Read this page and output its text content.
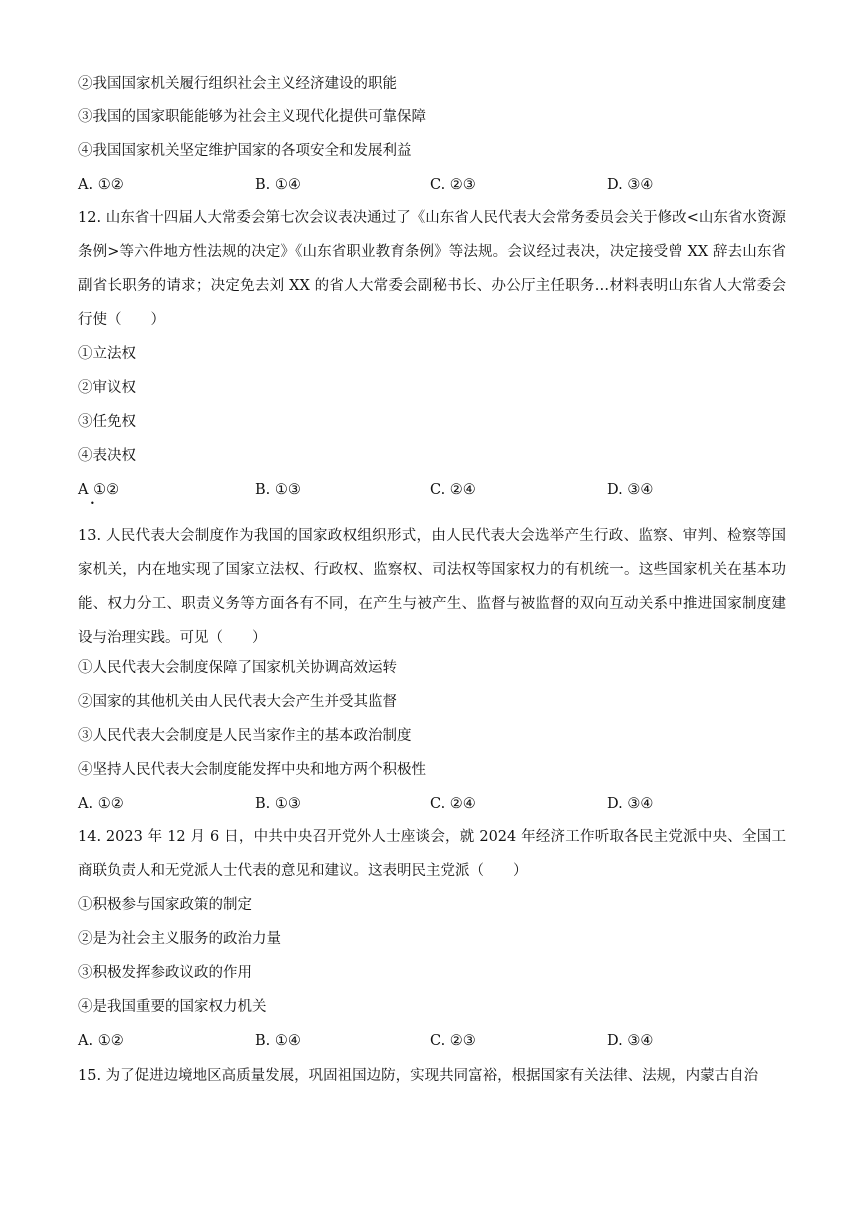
②我国国家机关履行组织社会主义经济建设的职能
③我国的国家职能能够为社会主义现代化提供可靠保障
④我国国家机关坚定维护国家的各项安全和发展利益
A. ①②	B. ①④	C. ②③	D. ③④
12. 山东省十四届人大常委会第七次会议表决通过了《山东省人民代表大会常务委员会关于修改<山东省水资源条例>等六件地方性法规的决定》《山东省职业教育条例》等法规。会议经过表决，决定接受曾 XX 辞去山东省副省长职务的请求；决定免去刘 XX 的省人大常委会副秘书长、办公厅主任职务…材料表明山东省人大常委会行使（　　）
①立法权
②审议权
③任免权
④表决权
A ①②
•
B. ①③	C. ②④	D. ③④
13. 人民代表大会制度作为我国的国家政权组织形式，由人民代表大会选举产生行政、监察、审判、检察等国家机关，内在地实现了国家立法权、行政权、监察权、司法权等国家权力的有机统一。这些国家机关在基本功能、权力分工、职责义务等方面各有不同，在产生与被产生、监督与被监督的双向互动关系中推进国家制度建设与治理实践。可见（　　）
①人民代表大会制度保障了国家机关协调高效运转
②国家的其他机关由人民代表大会产生并受其监督
③人民代表大会制度是人民当家作主的基本政治制度
④坚持人民代表大会制度能发挥中央和地方两个积极性
A. ①②	B. ①③	C. ②④	D. ③④
14. 2023 年 12 月 6 日，中共中央召开党外人士座谈会，就 2024 年经济工作听取各民主党派中央、全国工商联负责人和无党派人士代表的意见和建议。这表明民主党派（　　）
①积极参与国家政策的制定
②是为社会主义服务的政治力量
③积极发挥参政议政的作用
④是我国重要的国家权力机关
A. ①②	B. ①④	C. ②③	D. ③④
15. 为了促进边境地区高质量发展，巩固祖国边防，实现共同富裕，根据国家有关法律、法规，内蒙古自治
